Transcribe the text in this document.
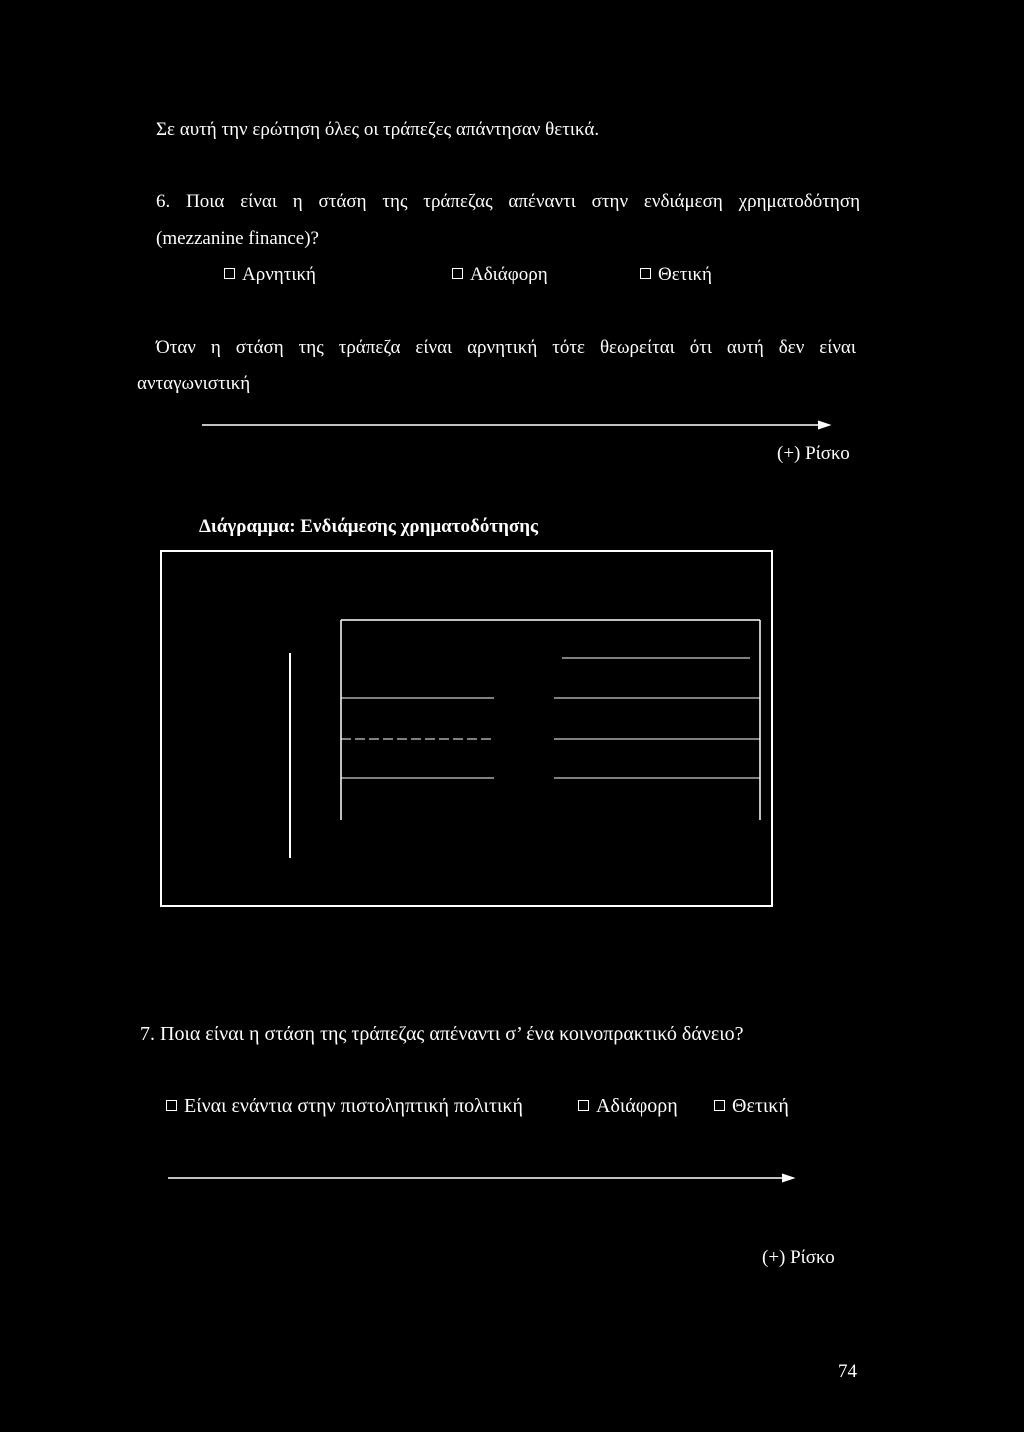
Σε αυτή την ερώτηση όλες οι τράπεζες απάντησαν θετικά.
6. Ποια είναι η στάση της τράπεζας απέναντι στην ενδιάμεση χρηματοδότηση
(mezzanine finance)?
Αρνητική	Αδιάφορη	Θετική
Όταν η στάση της τράπεζα είναι αρνητική τότε θεωρείται ότι αυτή δεν είναι
ανταγωνιστική
(+) Ρίσκο
Διάγραμμα: Ενδιάμεσης χρηματοδότησης
7. Ποια είναι η στάση της τράπεζας απέναντι σ’ ένα κοινοπρακτικό δάνειο?
Είναι ενάντια στην πιστοληπτική πολιτική	Αδιάφορη	Θετική
(+) Ρίσκο
74
